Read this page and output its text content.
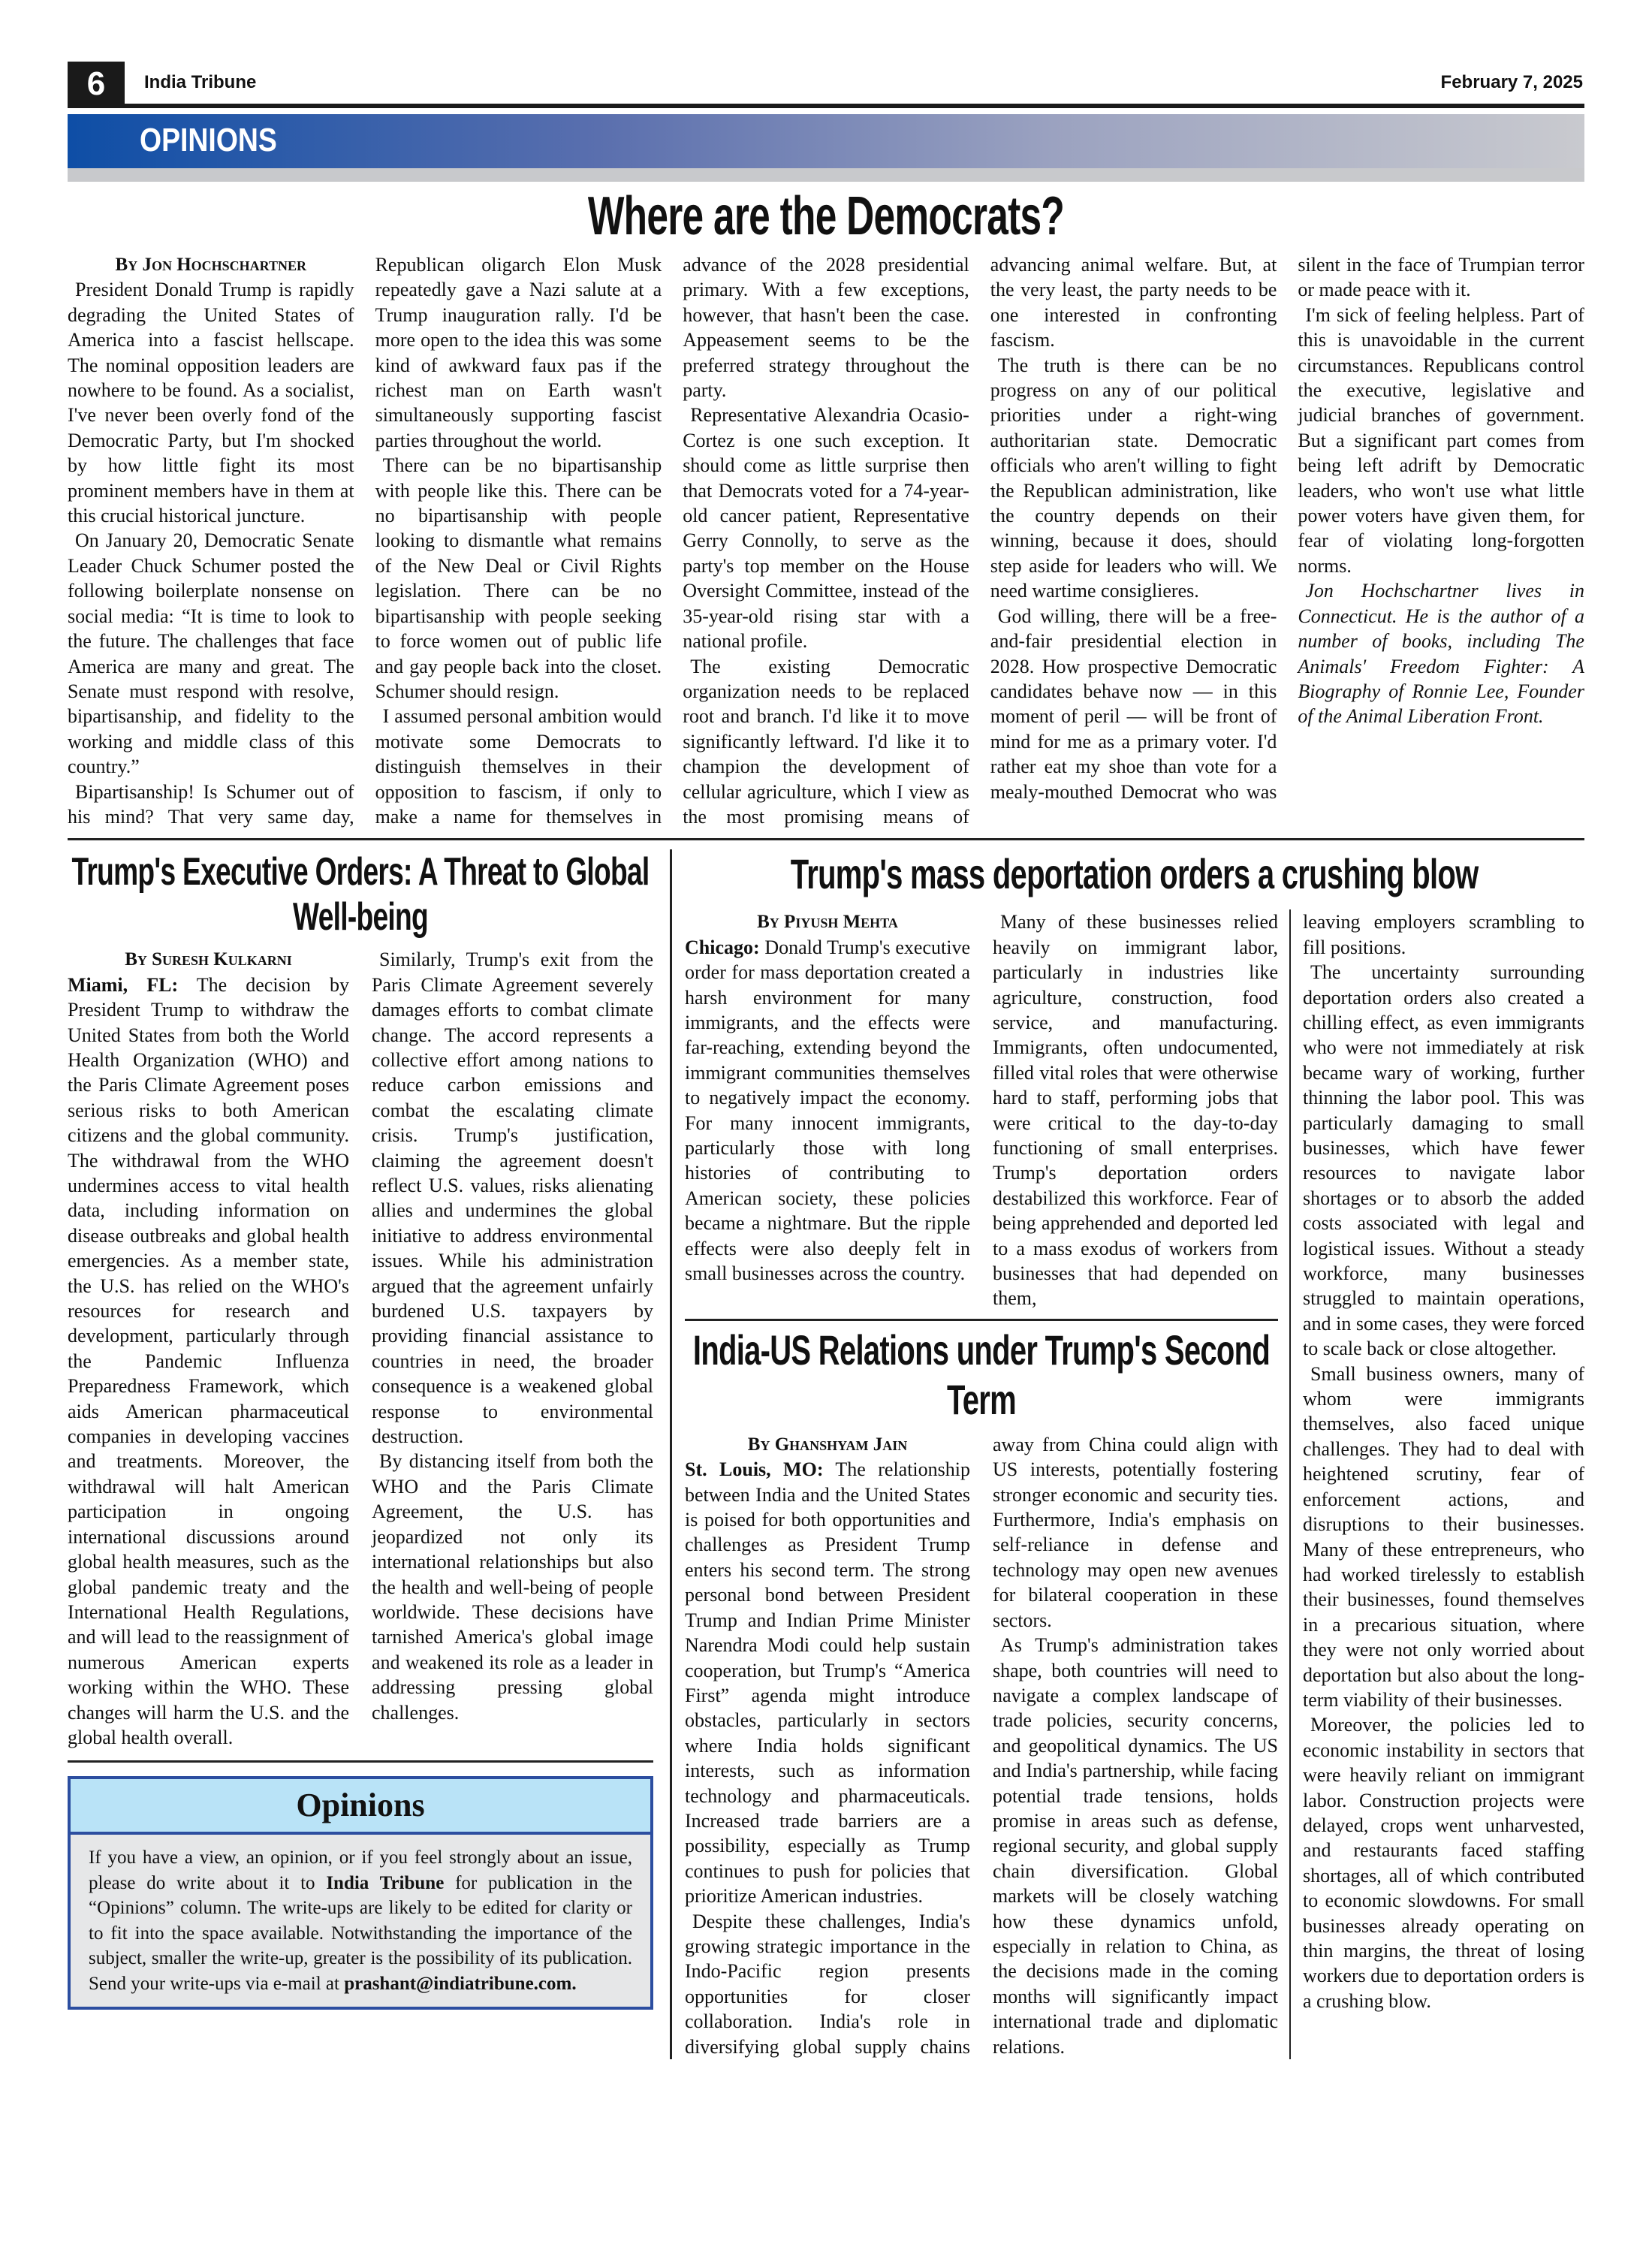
6	India Tribune	February 7, 2025
OPINIONS
Where are the Democrats?

By Jon Hochschartner

President Donald Trump is rapidly degrading the United States of America into a fascist hellscape. The nominal opposition leaders are nowhere to be found. As a socialist, I've never been overly fond of the Democratic Party, but I'm shocked by how little fight its most prominent members have in them at this crucial historical juncture.

On January 20, Democratic Senate Leader Chuck Schumer posted the following boilerplate nonsense on social media: “It is time to look to the future. The challenges that face America are many and great. The Senate must respond with resolve, bipartisanship, and fidelity to the working and middle class of this country.”

Bipartisanship! Is Schumer out of his mind? That very same day, Republican oligarch Elon Musk repeatedly gave a Nazi salute at a Trump inauguration rally. I'd be more open to the idea this was some kind of awkward faux pas if the richest man on Earth wasn't simultaneously supporting fascist parties throughout the world.

There can be no bipartisanship with people like this. There can be no bipartisanship with people looking to dismantle what remains of the New Deal or Civil Rights legislation. There can be no bipartisanship with people seeking to force women out of public life and gay people back into the closet. Schumer should resign.

I assumed personal ambition would motivate some Democrats to distinguish themselves in their opposition to fascism, if only to make a name for themselves in advance of the 2028 presidential primary. With a few exceptions, however, that hasn't been the case. Appeasement seems to be the preferred strategy throughout the party.

Representative Alexandria Ocasio-Cortez is one such exception. It should come as little surprise then that Democrats voted for a 74-year-old cancer patient, Representative Gerry Connolly, to serve as the party's top member on the House Oversight Committee, instead of the 35-year-old rising star with a national profile.

The existing Democratic organization needs to be replaced root and branch. I'd like it to move significantly leftward. I'd like it to champion the development of cellular agriculture, which I view as the most promising means of advancing animal welfare. But, at the very least, the party needs to be one interested in confronting fascism.

The truth is there can be no progress on any of our political priorities under a right-wing authoritarian state. Democratic officials who aren't willing to fight the Republican administration, like the country depends on their winning, because it does, should step aside for leaders who will. We need wartime consiglieres.

God willing, there will be a free-and-fair presidential election in 2028. How prospective Democratic candidates behave now — in this moment of peril — will be front of mind for me as a primary voter. I'd rather eat my shoe than vote for a mealy-mouthed Democrat who was silent in the face of Trumpian terror or made peace with it.

I'm sick of feeling helpless. Part of this is unavoidable in the current circumstances. Republicans control the executive, legislative and judicial branches of government. But a significant part comes from being left adrift by Democratic leaders, who won't use what little power voters have given them, for fear of violating long-forgotten norms.

Jon Hochschartner lives in Connecticut. He is the author of a number of books, including The Animals' Freedom Fighter: A Biography of Ronnie Lee, Founder of the Animal Liberation Front.

Trump's Executive Orders: A Threat to Global Well-being

By Suresh Kulkarni

Miami, FL: The decision by President Trump to withdraw the United States from both the World Health Organization (WHO) and the Paris Climate Agreement poses serious risks to both American citizens and the global community. The withdrawal from the WHO undermines access to vital health data, including information on disease outbreaks and global health emergencies. As a member state, the U.S. has relied on the WHO's resources for research and development, particularly through the Pandemic Influenza Preparedness Framework, which aids American pharmaceutical companies in developing vaccines and treatments. Moreover, the withdrawal will halt American participation in ongoing international discussions around global health measures, such as the global pandemic treaty and the International Health Regulations, and will lead to the reassignment of numerous American experts working within the WHO. These changes will harm the U.S. and the global health overall.

Similarly, Trump's exit from the Paris Climate Agreement severely damages efforts to combat climate change. The accord represents a collective effort among nations to reduce carbon emissions and combat the escalating climate crisis. Trump's justification, claiming the agreement doesn't reflect U.S. values, risks alienating allies and undermines the global initiative to address environmental issues. While his administration argued that the agreement unfairly burdened U.S. taxpayers by providing financial assistance to countries in need, the broader consequence is a weakened global response to environmental destruction.

By distancing itself from both the WHO and the Paris Climate Agreement, the U.S. has jeopardized not only its international relationships but also the health and well-being of people worldwide. These decisions have tarnished America's global image and weakened its role as a leader in addressing pressing global challenges.

Opinions
If you have a view, an opinion, or if you feel strongly about an issue, please do write about it to India Tribune for publication in the “Opinions” column. The write-ups are likely to be edited for clarity or to fit into the space available. Notwithstanding the importance of the subject, smaller the write-up, greater is the possibility of its publication. Send your write-ups via e-mail at prashant@indiatribune.com.
Trump's mass deportation orders a crushing blow

By Piyush Mehta

Chicago: Donald Trump's executive order for mass deportation created a harsh environment for many immigrants, and the effects were far-reaching, extending beyond the immigrant communities themselves to negatively impact the economy. For many innocent immigrants, particularly those with long histories of contributing to American society, these policies became a nightmare. But the ripple effects were also deeply felt in small businesses across the country.

Many of these businesses relied heavily on immigrant labor, particularly in industries like agriculture, construction, food service, and manufacturing. Immigrants, often undocumented, filled vital roles that were otherwise hard to staff, performing jobs that were critical to the day-to-day functioning of small enterprises. Trump's deportation orders destabilized this workforce. Fear of being apprehended and deported led to a mass exodus of workers from businesses that had depended on them,

India-US Relations under Trump's Second Term

By Ghanshyam Jain

St. Louis, MO: The relationship between India and the United States is poised for both opportunities and challenges as President Trump enters his second term. The strong personal bond between President Trump and Indian Prime Minister Narendra Modi could help sustain cooperation, but Trump's “America First” agenda might introduce obstacles, particularly in sectors where India holds significant interests, such as information technology and pharmaceuticals. Increased trade barriers are a possibility, especially as Trump continues to push for policies that prioritize American industries.

Despite these challenges, India's growing strategic importance in the Indo-Pacific region presents opportunities for closer collaboration. India's role in diversifying global supply chains away from China could align with US interests, potentially fostering stronger economic and security ties. Furthermore, India's emphasis on self-reliance in defense and technology may open new avenues for bilateral cooperation in these sectors.

As Trump's administration takes shape, both countries will need to navigate a complex landscape of trade policies, security concerns, and geopolitical dynamics. The US and India's partnership, while facing potential trade tensions, holds promise in areas such as defense, regional security, and global supply chain diversification. Global markets will be closely watching how these dynamics unfold, especially in relation to China, as the decisions made in the coming months will significantly impact international trade and diplomatic relations.

leaving employers scrambling to fill positions.

The uncertainty surrounding deportation orders also created a chilling effect, as even immigrants who were not immediately at risk became wary of working, further thinning the labor pool. This was particularly damaging to small businesses, which have fewer resources to navigate labor shortages or to absorb the added costs associated with legal and logistical issues. Without a steady workforce, many businesses struggled to maintain operations, and in some cases, they were forced to scale back or close altogether.

Small business owners, many of whom were immigrants themselves, also faced unique challenges. They had to deal with heightened scrutiny, fear of enforcement actions, and disruptions to their businesses. Many of these entrepreneurs, who had worked tirelessly to establish their businesses, found themselves in a precarious situation, where they were not only worried about deportation but also about the long-term viability of their businesses.

Moreover, the policies led to economic instability in sectors that were heavily reliant on immigrant labor. Construction projects were delayed, crops went unharvested, and restaurants faced staffing shortages, all of which contributed to economic slowdowns. For small businesses already operating on thin margins, the threat of losing workers due to deportation orders is a crushing blow.
